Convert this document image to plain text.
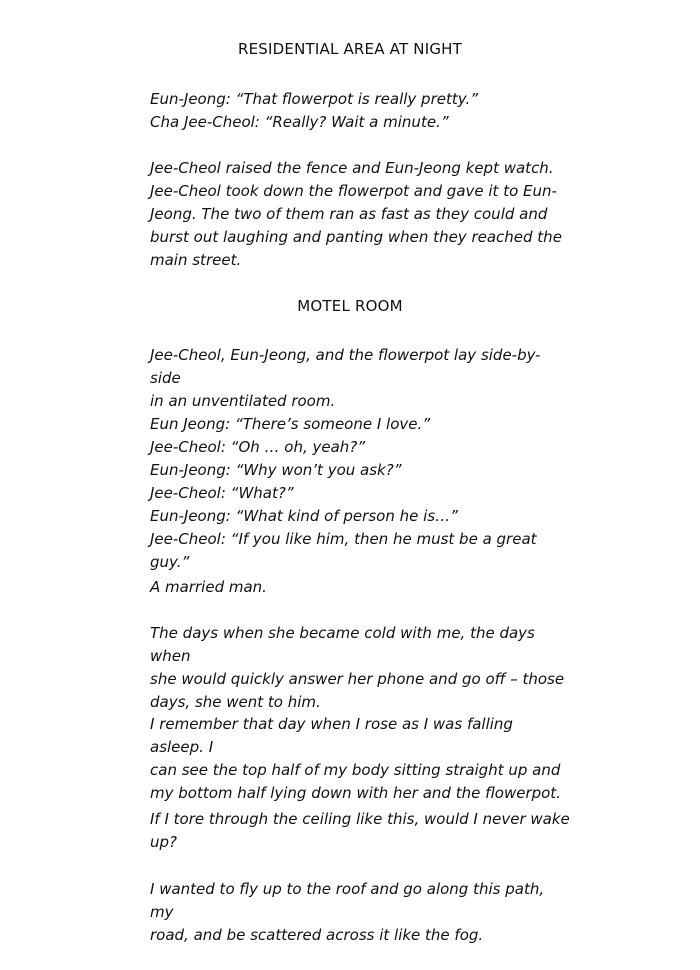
RESIDENTIAL AREA AT NIGHT

Eun-Jeong: “That flowerpot is really pretty.”

Cha Jee-Cheol: “Really? Wait a minute.”

Jee-Cheol raised the fence and Eun-Jeong kept watch.

Jee-Cheol took down the flowerpot and gave it to Eun-

Jeong. The two of them ran as fast as they could and

burst out laughing and panting when they reached the

main street.

MOTEL ROOM

Jee-Cheol, Eun-Jeong, and the flowerpot lay side-by-side

in an unventilated room.

Eun Jeong: “There’s someone I love.”

Jee-Cheol: “Oh … oh, yeah?”

Eun-Jeong: “Why won’t you ask?”

Jee-Cheol: “What?”

Eun-Jeong: “What kind of person he is…”

Jee-Cheol: “If you like him, then he must be a great guy.”

A married man.

The days when she became cold with me, the days when

she would quickly answer her phone and go off – those

days, she went to him.

I remember that day when I rose as I was falling asleep. I

can see the top half of my body sitting straight up and

my bottom half lying down with her and the flowerpot.

If I tore through the ceiling like this, would I never wake

up?

I wanted to fly up to the roof and go along this path, my

road, and be scattered across it like the fog.
